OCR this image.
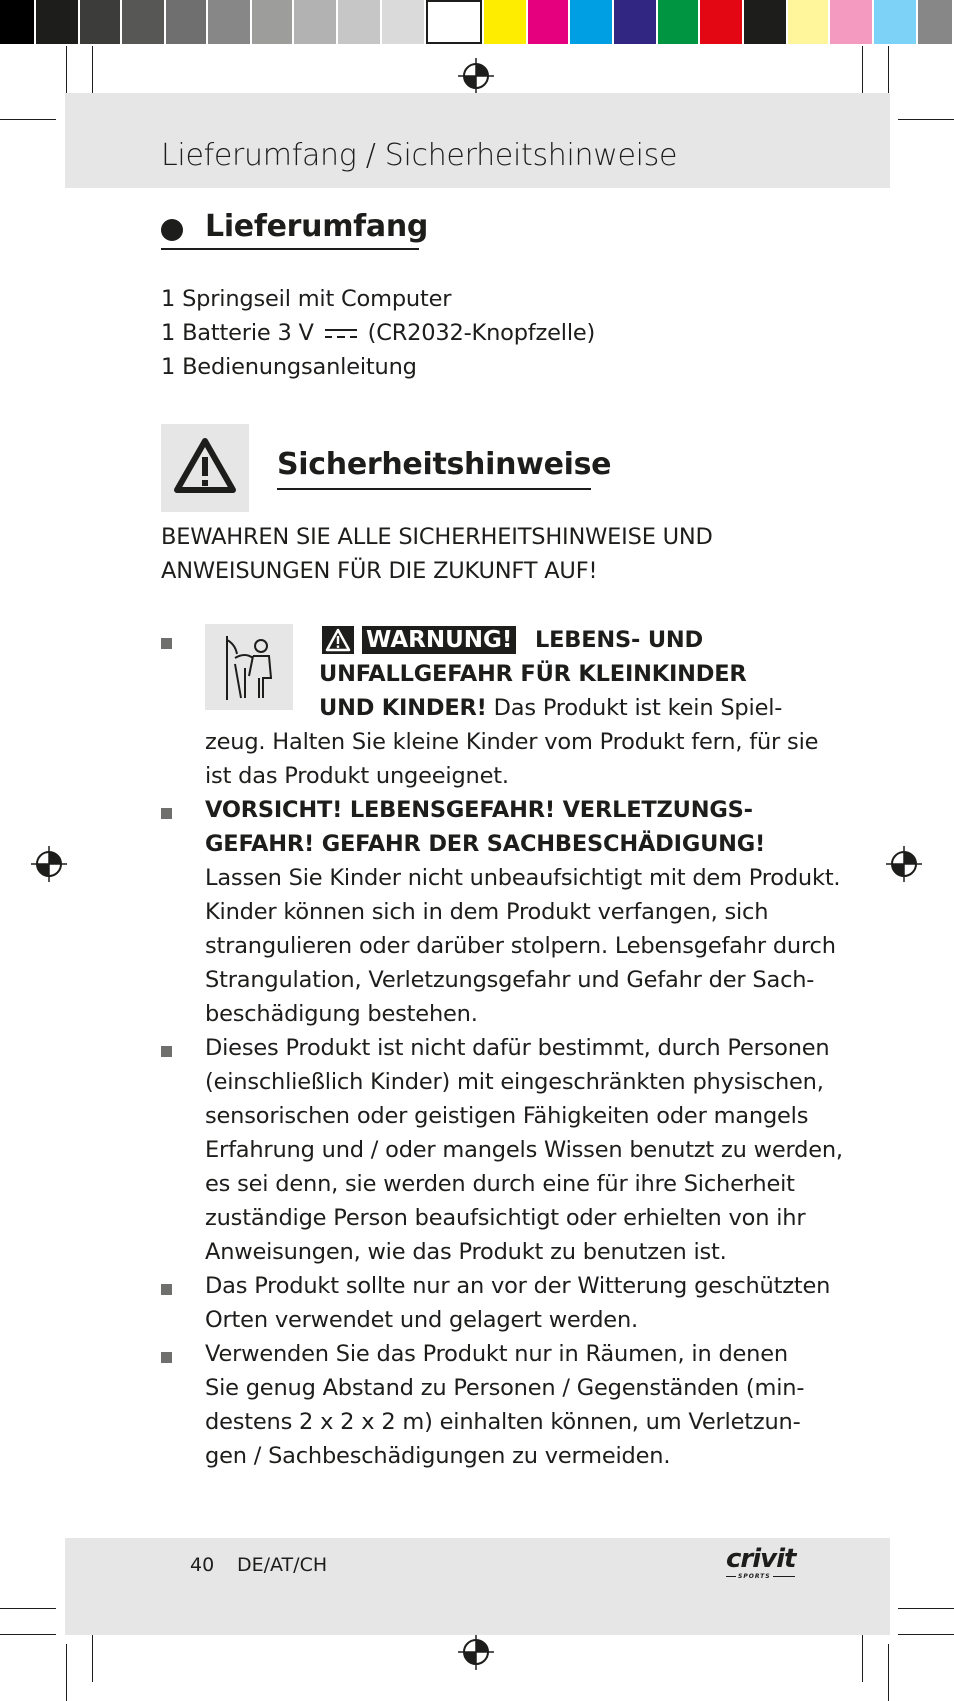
Lieferumfang / Sicherheitshinweise
Lieferumfang
1 Springseil mit Computer
1 Batterie 3 V (CR2032-Knopfzelle)
1 Bedienungsanleitung
Sicherheitshinweise
BEWAHREN SIE ALLE SICHERHEITSHINWEISE UND
ANWEISUNGEN FÜR DIE ZUKUNFT AUF!
WARNUNG! LEBENS- UND
UNFALLGEFAHR FÜR KLEINKINDER
UND KINDER! Das Produkt ist kein Spiel-
zeug. Halten Sie kleine Kinder vom Produkt fern, für sie
ist das Produkt ungeeignet.
VORSICHT! LEBENSGEFAHR! VERLETZUNGS-
GEFAHR! GEFAHR DER SACHBESCHÄDIGUNG!
Lassen Sie Kinder nicht unbeaufsichtigt mit dem Produkt.
Kinder können sich in dem Produkt verfangen, sich
strangulieren oder darüber stolpern. Lebensgefahr durch
Strangulation, Verletzungsgefahr und Gefahr der Sach-
beschädigung bestehen.
Dieses Produkt ist nicht dafür bestimmt, durch Personen
(einschließlich Kinder) mit eingeschränkten physischen,
sensorischen oder geistigen Fähigkeiten oder mangels
Erfahrung und / oder mangels Wissen benutzt zu werden,
es sei denn, sie werden durch eine für ihre Sicherheit
zuständige Person beaufsichtigt oder erhielten von ihr
Anweisungen, wie das Produkt zu benutzen ist.
Das Produkt sollte nur an vor der Witterung geschützten
Orten verwendet und gelagert werden.
Verwenden Sie das Produkt nur in Räumen, in denen
Sie genug Abstand zu Personen / Gegenständen (min-
destens 2 x 2 x 2 m) einhalten können, um Verletzun-
gen / Sachbeschädigungen zu vermeiden.
40 DE/AT/CH	crivit
SPORTS
